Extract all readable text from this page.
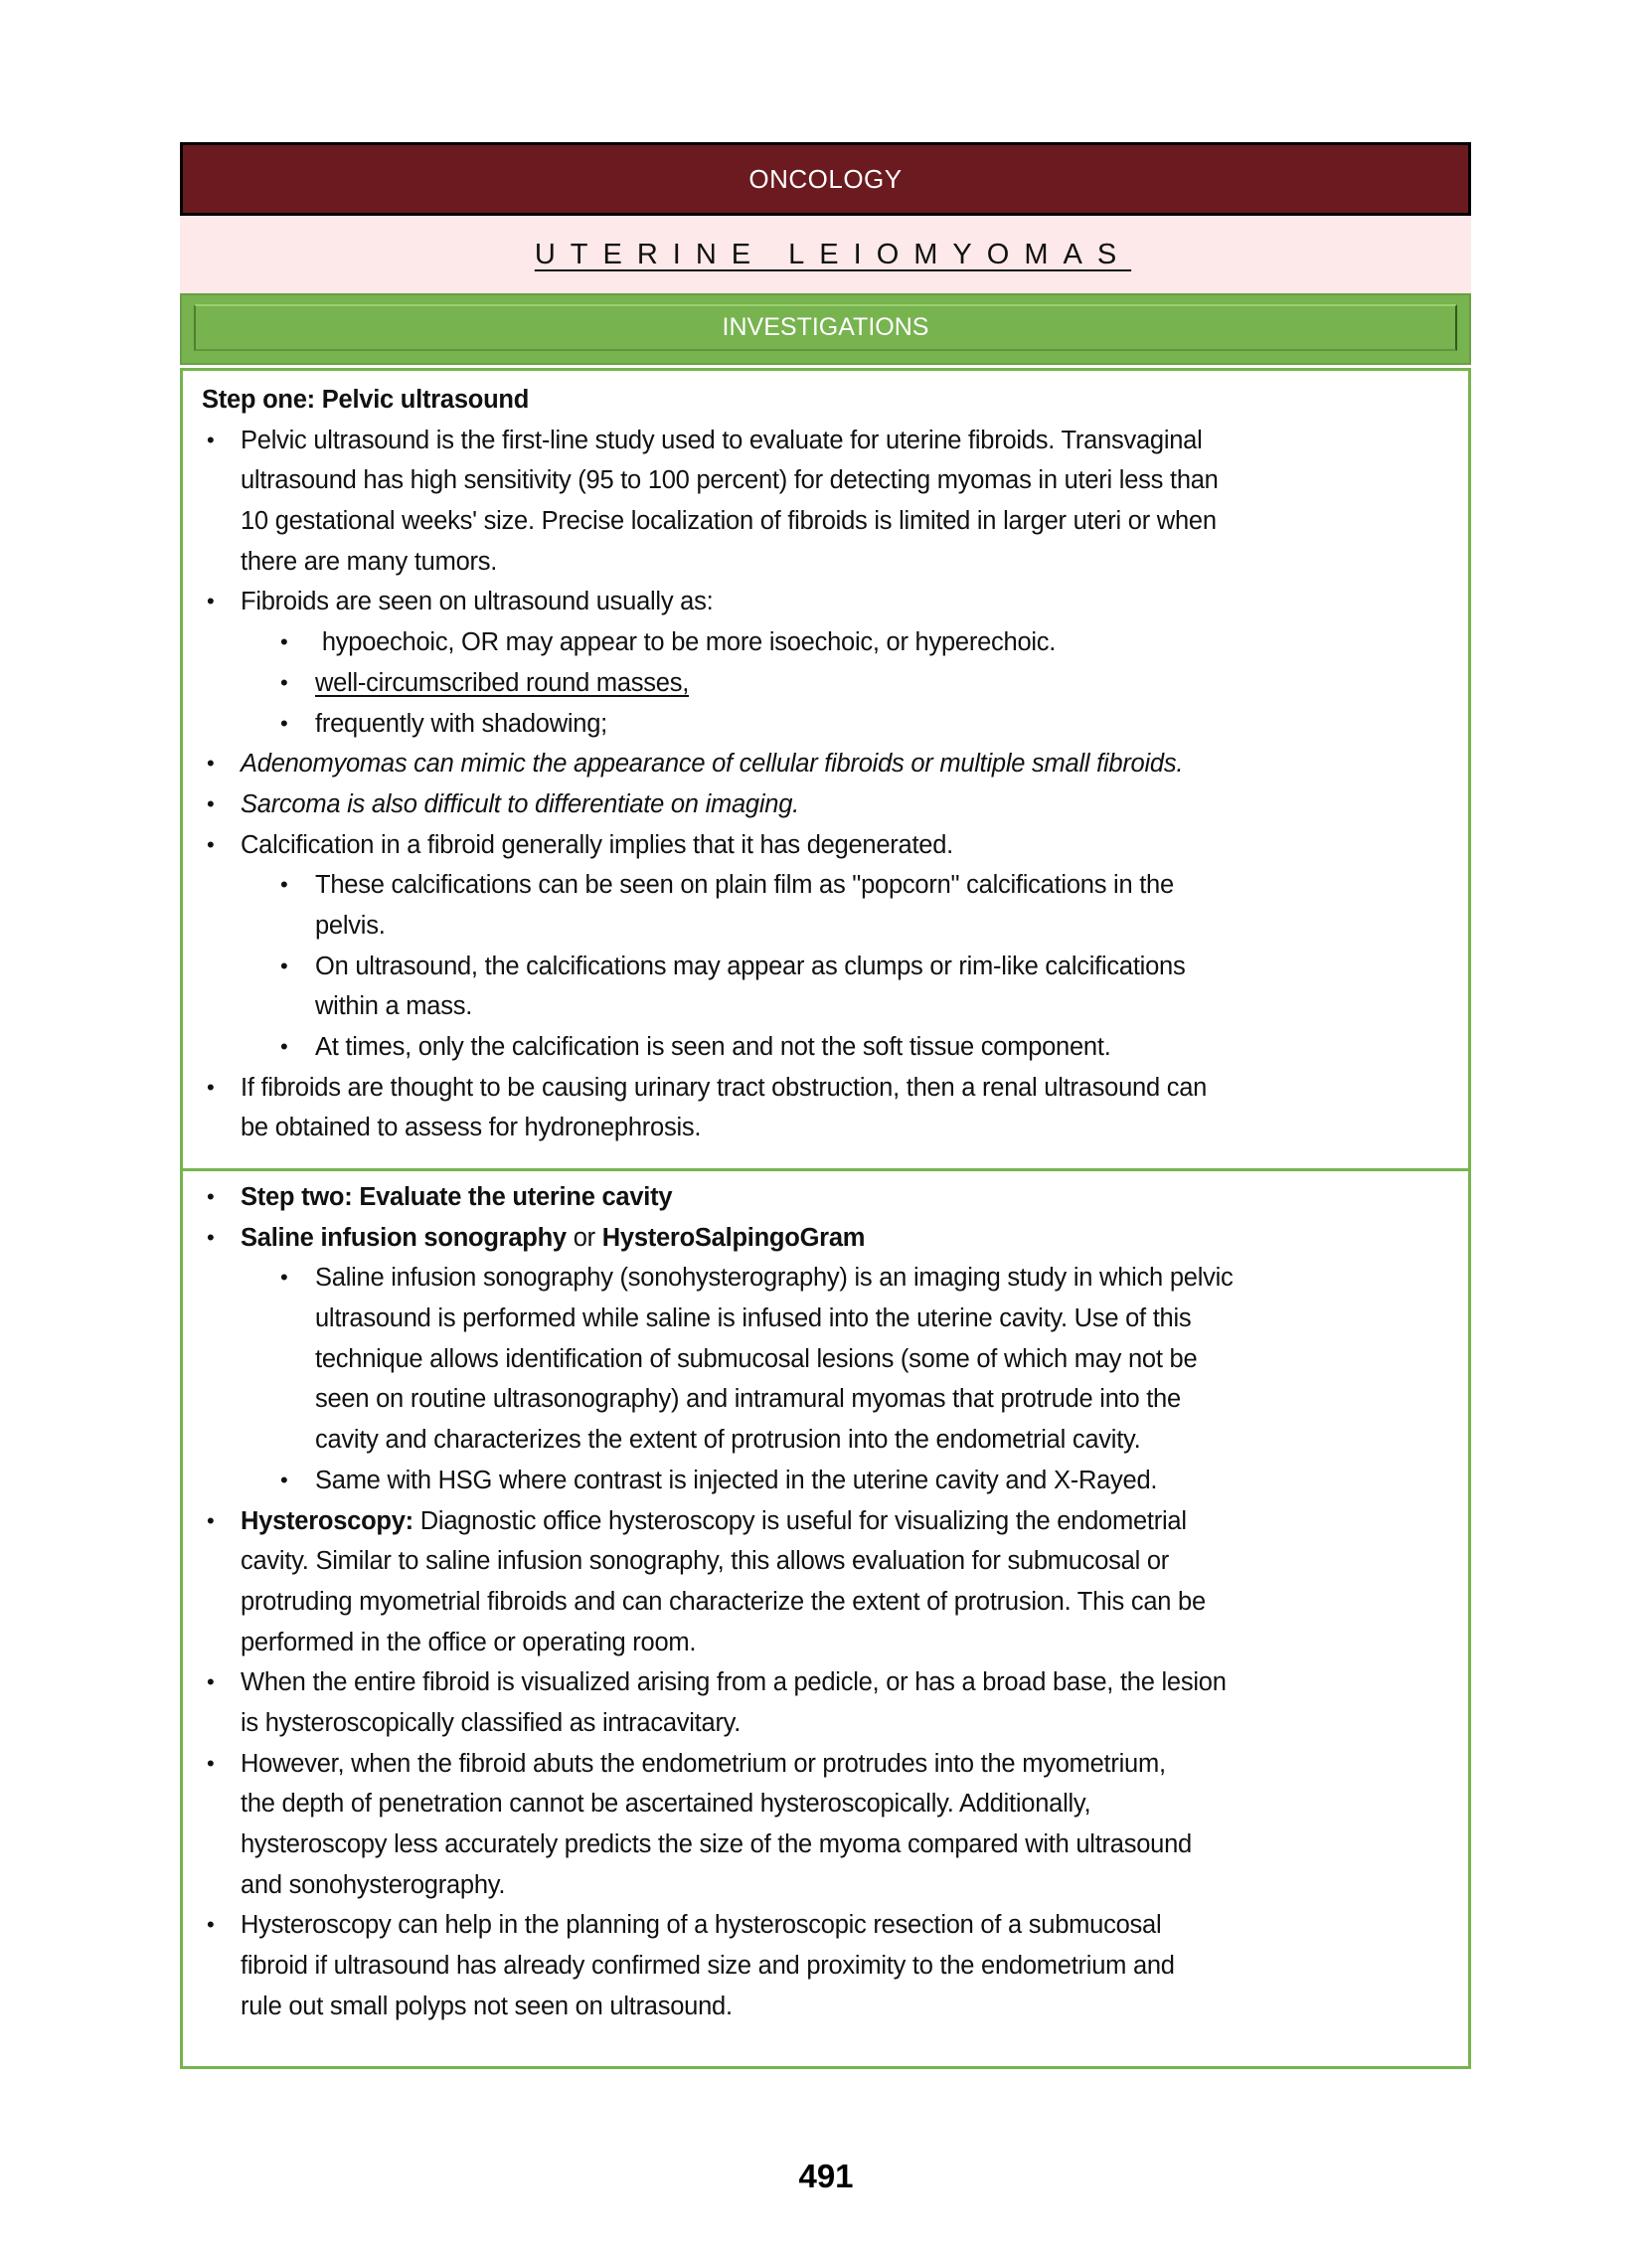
ONCOLOGY
UTERINE LEIOMYOMAS
INVESTIGATIONS
Step one: Pelvic ultrasound
• Pelvic ultrasound is the first-line study used to evaluate for uterine fibroids. Transvaginal
ultrasound has high sensitivity (95 to 100 percent) for detecting myomas in uteri less than
10 gestational weeks' size. Precise localization of fibroids is limited in larger uteri or when
there are many tumors.
• Fibroids are seen on ultrasound usually as:
• hypoechoic, OR may appear to be more isoechoic, or hyperechoic.
• well-circumscribed round masses,
• frequently with shadowing;
• Adenomyomas can mimic the appearance of cellular fibroids or multiple small fibroids.
• Sarcoma is also difficult to differentiate on imaging.
• Calcification in a fibroid generally implies that it has degenerated.
• These calcifications can be seen on plain film as "popcorn" calcifications in the
pelvis.
• On ultrasound, the calcifications may appear as clumps or rim-like calcifications
within a mass.
• At times, only the calcification is seen and not the soft tissue component.
• If fibroids are thought to be causing urinary tract obstruction, then a renal ultrasound can
be obtained to assess for hydronephrosis.
• Step two: Evaluate the uterine cavity
• Saline infusion sonography or HysteroSalpingoGram
• Saline infusion sonography (sonohysterography) is an imaging study in which pelvic
ultrasound is performed while saline is infused into the uterine cavity. Use of this
technique allows identification of submucosal lesions (some of which may not be
seen on routine ultrasonography) and intramural myomas that protrude into the
cavity and characterizes the extent of protrusion into the endometrial cavity.
• Same with HSG where contrast is injected in the uterine cavity and X-Rayed.
• Hysteroscopy: Diagnostic office hysteroscopy is useful for visualizing the endometrial
cavity. Similar to saline infusion sonography, this allows evaluation for submucosal or
protruding myometrial fibroids and can characterize the extent of protrusion. This can be
performed in the office or operating room.
• When the entire fibroid is visualized arising from a pedicle, or has a broad base, the lesion
is hysteroscopically classified as intracavitary.
• However, when the fibroid abuts the endometrium or protrudes into the myometrium,
the depth of penetration cannot be ascertained hysteroscopically. Additionally,
hysteroscopy less accurately predicts the size of the myoma compared with ultrasound
and sonohysterography.
• Hysteroscopy can help in the planning of a hysteroscopic resection of a submucosal
fibroid if ultrasound has already confirmed size and proximity to the endometrium and
rule out small polyps not seen on ultrasound.
491
